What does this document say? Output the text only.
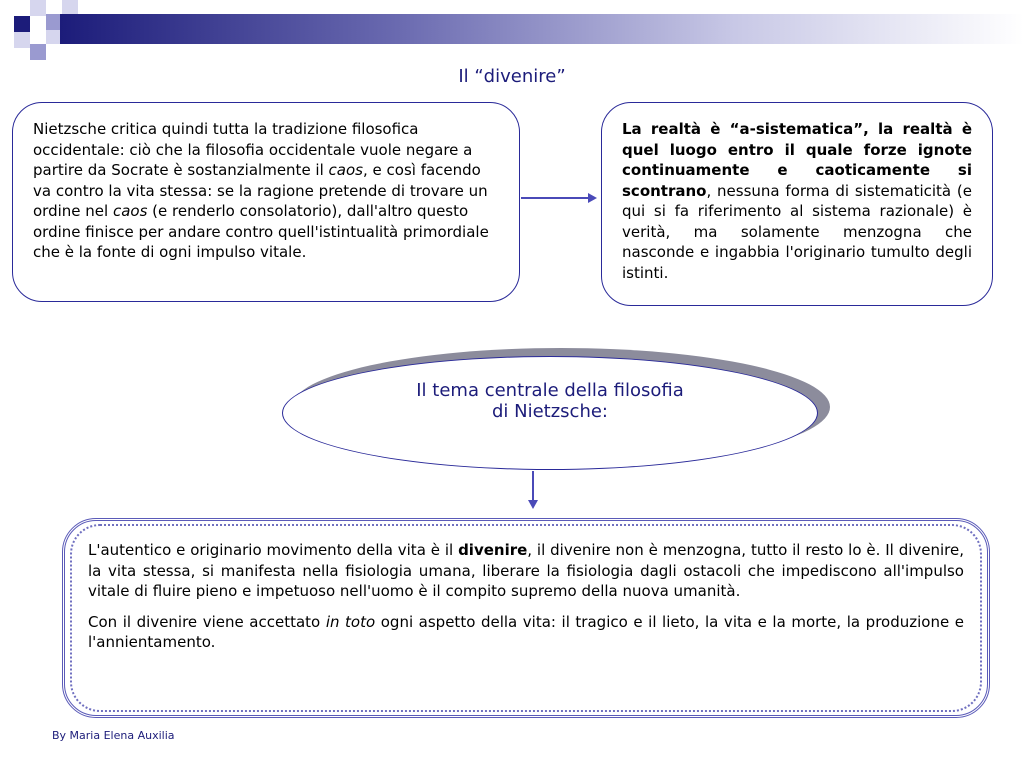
Il “divenire”
Nietzsche critica quindi tutta la tradizione filosofica occidentale: ciò che la filosofia occidentale vuole negare a partire da Socrate è sostanzialmente il caos, e così facendo va contro la vita stessa: se la ragione pretende di trovare un ordine nel caos (e renderlo consolatorio), dall'altro questo ordine finisce per andare contro quell'istintualità primordiale che è la fonte di ogni impulso vitale.
La realtà è “a-sistematica”, la realtà è quel luogo entro il quale forze ignote continuamente e caoticamente si scontrano, nessuna forma di sistematicità (e qui si fa riferimento al sistema razionale) è verità, ma solamente menzogna che nasconde e ingabbia l'originario tumulto degli istinti.
Il tema centrale della filosofia
di Nietzsche:

L'autentico e originario movimento della vita è il divenire, il divenire non è menzogna, tutto il resto lo è. Il divenire, la vita stessa, si manifesta nella fisiologia umana, liberare la fisiologia dagli ostacoli che impediscono all'impulso vitale di fluire pieno e impetuoso nell'uomo è il compito supremo della nuova umanità.

Con il divenire viene accettato in toto ogni aspetto della vita: il tragico e il lieto, la vita e la morte, la produzione e l'annientamento.

By Maria Elena Auxilia
